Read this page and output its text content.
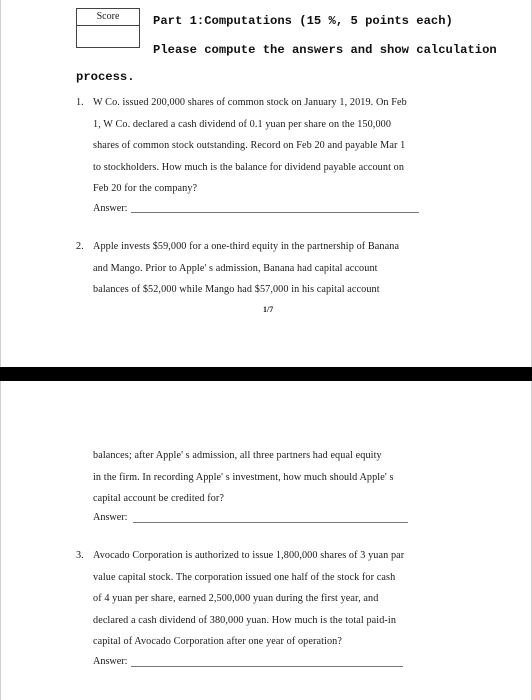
Score	Part 1:Computations (15 %, 5 points each)
Please compute the answers and show calculation
process.
1. W Co. issued 200,000 shares of common stock on January 1, 2019. On Feb
1, W Co. declared a cash dividend of 0.1 yuan per share on the 150,000
shares of common stock outstanding. Record on Feb 20 and payable Mar 1
to stockholders. How much is the balance for dividend payable account on
Feb 20 for the company?
Answer:
2. Apple invests $59,000 for a one-third equity in the partnership of Banana
and Mango. Prior to Apple' s admission, Banana had capital account
balances of $52,000 while Mango had $57,000 in his capital account
1/7
balances; after Apple' s admission, all three partners had equal equity
in the firm. In recording Apple' s investment, how much should Apple' s
capital account be credited for?
Answer:
3. Avocado Corporation is authorized to issue 1,800,000 shares of 3 yuan par
value capital stock. The corporation issued one half of the stock for cash
of 4 yuan per share, earned 2,500,000 yuan during the first year, and
declared a cash dividend of 380,000 yuan. How much is the total paid-in
capital of Avocado Corporation after one year of operation?
Answer:
